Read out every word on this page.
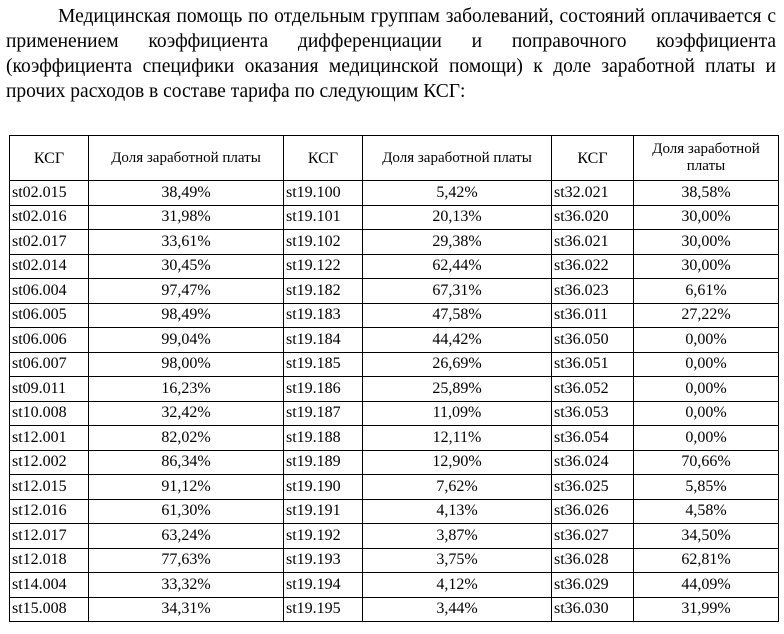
Медицинская помощь по отдельным группам заболеваний, состояний оплачивается с применением коэффициента дифференциации и поправочного коэффициента (коэффициента специфики оказания медицинской помощи) к доле заработной платы и прочих расходов в составе тарифа по следующим КСГ:

КСГ	Доля заработной платы	КСГ	Доля заработной платы	КСГ	Доля заработной платы
st02.015	38,49%	st19.100	5,42%	st32.021	38,58%
st02.016	31,98%	st19.101	20,13%	st36.020	30,00%
st02.017	33,61%	st19.102	29,38%	st36.021	30,00%
st02.014	30,45%	st19.122	62,44%	st36.022	30,00%
st06.004	97,47%	st19.182	67,31%	st36.023	6,61%
st06.005	98,49%	st19.183	47,58%	st36.011	27,22%
st06.006	99,04%	st19.184	44,42%	st36.050	0,00%
st06.007	98,00%	st19.185	26,69%	st36.051	0,00%
st09.011	16,23%	st19.186	25,89%	st36.052	0,00%
st10.008	32,42%	st19.187	11,09%	st36.053	0,00%
st12.001	82,02%	st19.188	12,11%	st36.054	0,00%
st12.002	86,34%	st19.189	12,90%	st36.024	70,66%
st12.015	91,12%	st19.190	7,62%	st36.025	5,85%
st12.016	61,30%	st19.191	4,13%	st36.026	4,58%
st12.017	63,24%	st19.192	3,87%	st36.027	34,50%
st12.018	77,63%	st19.193	3,75%	st36.028	62,81%
st14.004	33,32%	st19.194	4,12%	st36.029	44,09%
st15.008	34,31%	st19.195	3,44%	st36.030	31,99%
